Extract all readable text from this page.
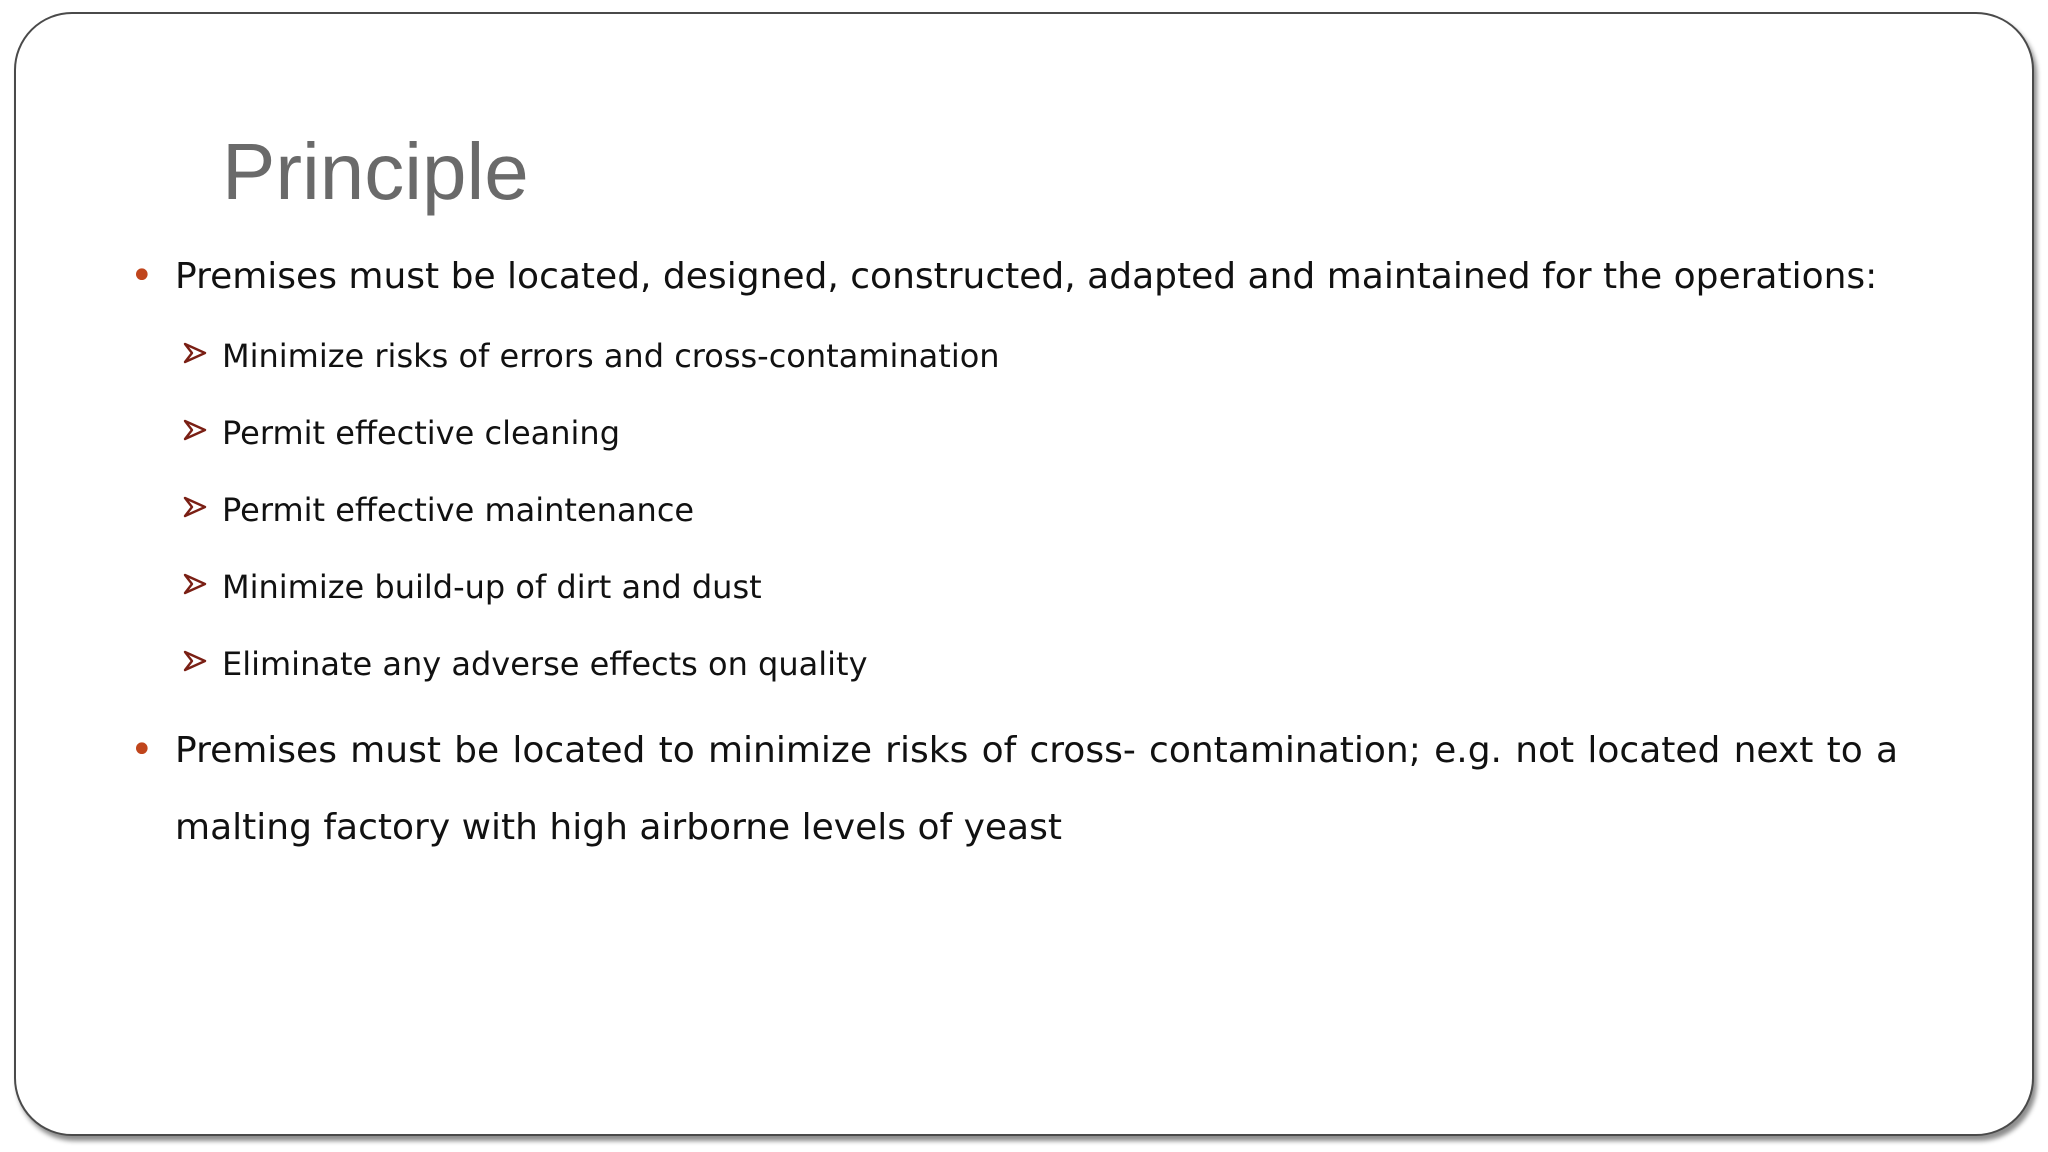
Principle
• Premises must be located, designed, constructed, adapted and maintained for the operations:
Minimize risks of errors and cross-contamination
Permit effective cleaning
Permit effective maintenance
Minimize build-up of dirt and dust
Eliminate any adverse effects on quality
• Premises must be located to minimize risks of cross- contamination; e.g. not located next to a malting factory with high airborne levels of yeast
